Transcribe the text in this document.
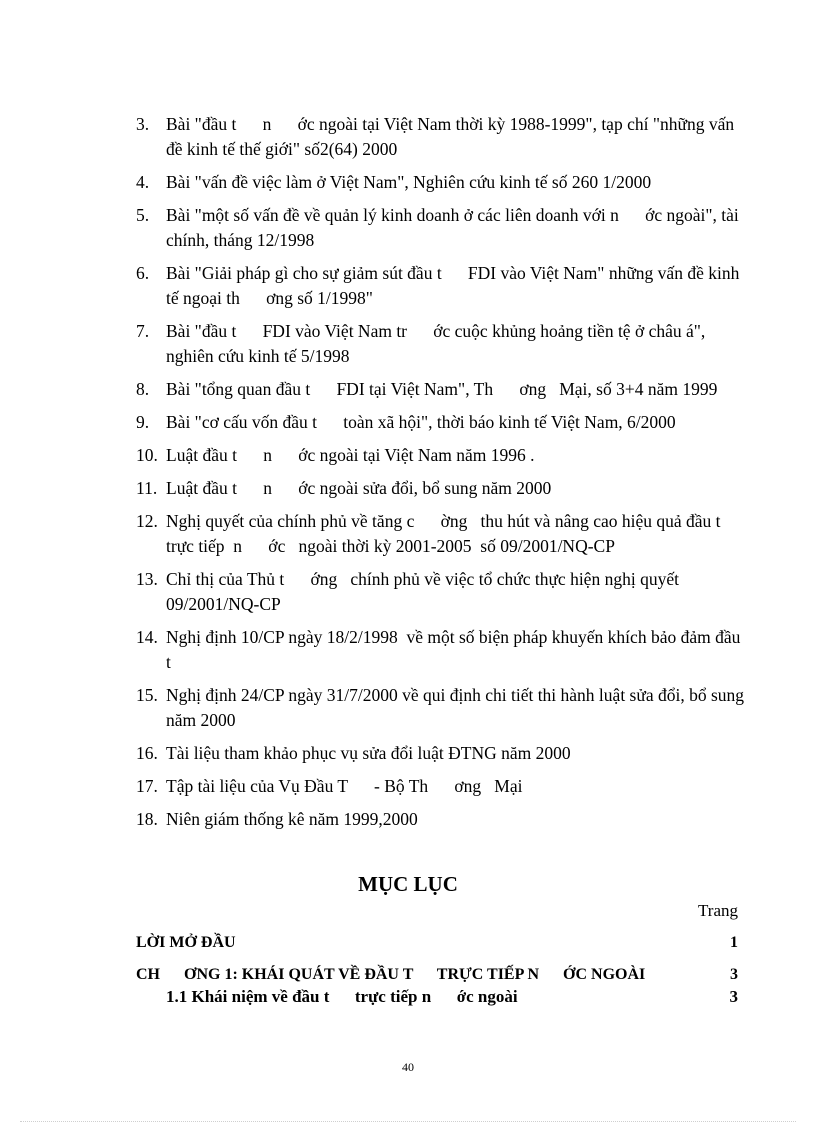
3. Bài "đầu t      n      ớc ngoài tại Việt Nam thời kỳ 1988-1999", tạp chí "những vấn đề kinh tế thế giới" số2(64) 2000
4. Bài "vấn đề việc làm ở Việt Nam", Nghiên cứu kinh tế số 260 1/2000
5. Bài "một số vấn đề về quản lý kinh doanh ở các liên doanh với n      ớc ngoài", tài chính, tháng 12/1998
6. Bài "Giải pháp gì cho sự giảm sút đầu t      FDI vào Việt Nam" những vấn đề kinh tế ngoại th      ơng số 1/1998"
7. Bài "đầu t      FDI vào Việt Nam tr      ớc cuộc khủng hoảng tiền tệ ở châu á", nghiên cứu kinh tế 5/1998
8. Bài "tổng quan đầu t      FDI tại Việt Nam", Th      ơng   Mại, số 3+4 năm 1999
9. Bài "cơ cấu vốn đầu t      toàn xã hội", thời báo kinh tế Việt Nam, 6/2000
10. Luật đầu t      n      ớc ngoài tại Việt Nam năm 1996 .
11. Luật đầu t      n      ớc ngoài sửa đổi, bổ sung năm 2000
12. Nghị quyết của chính phủ về tăng c      ờng   thu hút và nâng cao hiệu quả đầu t      trực tiếp  n      ớc   ngoài thời kỳ 2001-2005  số 09/2001/NQ-CP
13. Chỉ thị của Thủ t      ớng   chính phủ về việc tổ chức thực hiện nghị quyết 09/2001/NQ-CP
14. Nghị định 10/CP ngày 18/2/1998  về một số biện pháp khuyến khích bảo đảm đầu t
15. Nghị định 24/CP ngày 31/7/2000 về qui định chi tiết thi hành luật sửa đổi, bổ sung năm 2000
16. Tài liệu tham khảo phục vụ sửa đổi luật ĐTNG năm 2000
17. Tập tài liệu của Vụ Đầu T      - Bộ Th      ơng   Mại
18. Niên giám thống kê năm 1999,2000
MỤC LỤC
Trang
LỜI MỞ ĐẦU	1
CH      ƠNG 1: KHÁI QUÁT VỀ ĐẦU T      TRỰC TIẾP N      ỚC NGOÀI	3
1.1 Khái niệm về đầu t      trực tiếp n      ớc ngoài	3
40
